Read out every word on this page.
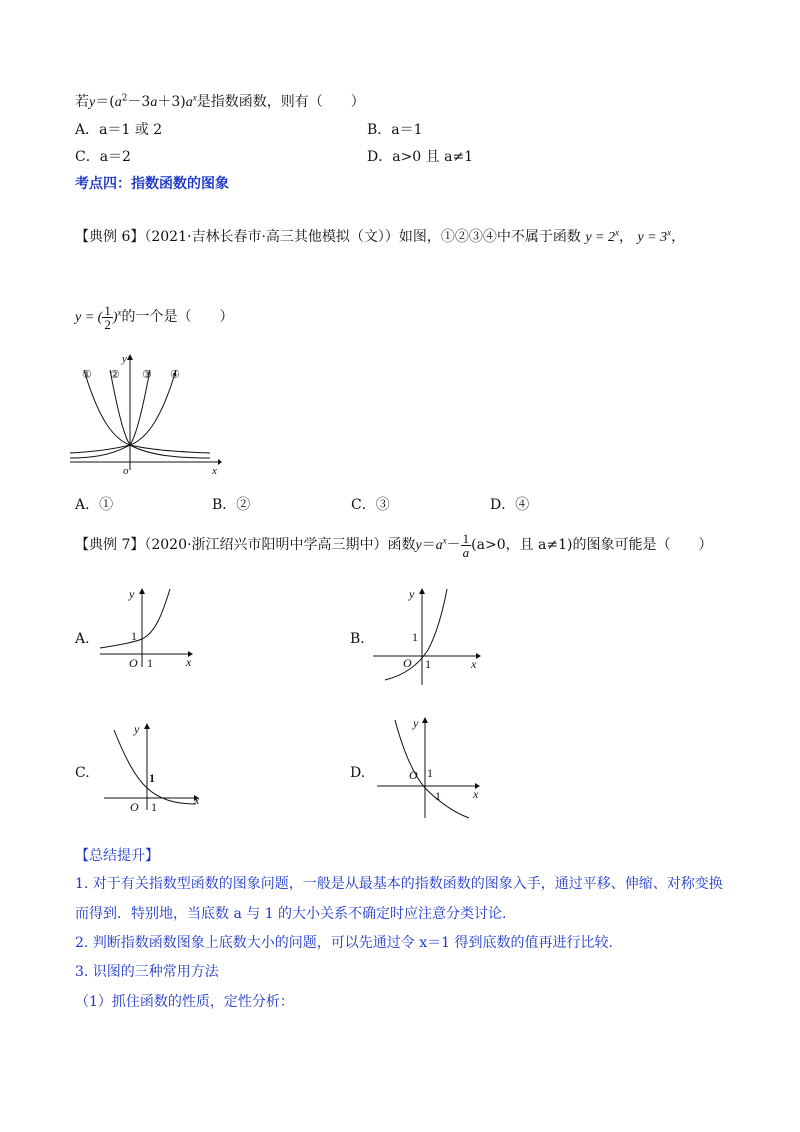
若$y=(a^2-3a+3)a^x$是指数函数，则有（　　）
A．a＝1 或 2	B．a＝1
C．a＝2	D．a>0 且 a≠1
考点四：指数函数的图象
【典例 6】（2021·吉林长春市·高三其他模拟（文））如图，①②③④中不属于函数 $y = 2^x$， $y = 3^x$，
y = ( $\frac{1}{2} )^x$的一个是（　　）
y
x
o
① ② ③ ④
A．①	B．②	C．③	D．④
【典例 7】（2020·浙江绍兴市阳明中学高三期中）函数$y=a^x- \frac{1}{a} (a>0$，且 a≠1)的图象可能是（　　）
A.
y
x
O
1
1
B.
y
x
O
1
1
C.
y
x
O
1
1
D.
y
x
O 1
1
【总结提升】
1. 对于有关指数型函数的图象问题，一般是从最基本的指数函数的图象入手，通过平移、伸缩、对称变换
而得到．特别地，当底数 a 与 1 的大小关系不确定时应注意分类讨论.
2. 判断指数函数图象上底数大小的问题，可以先通过令 x＝1 得到底数的值再进行比较.
3. 识图的三种常用方法
（1）抓住函数的性质，定性分析：
